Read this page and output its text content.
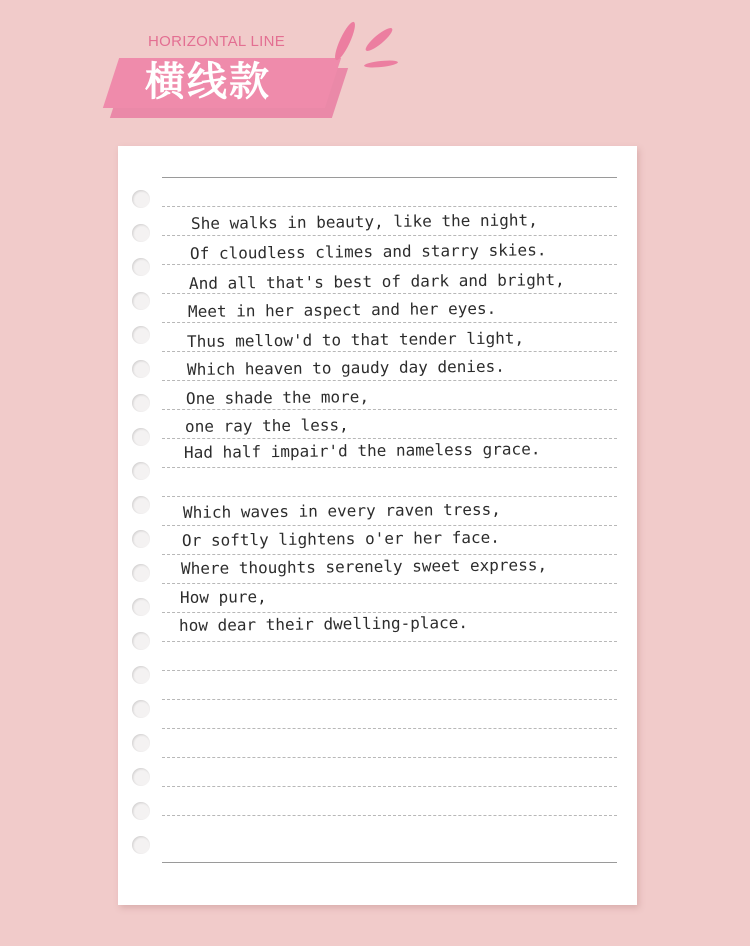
HORIZONTAL LINE
横线款
She walks in beauty, like the night,
Of cloudless climes and starry skies.
And all that's best of dark and bright,
Meet in her aspect and her eyes.
Thus mellow'd to that tender light,
Which heaven to gaudy day denies.
One shade the more,
one ray the less,
Had half impair'd the nameless grace.
Which waves in every raven tress,
Or softly lightens o'er her face.
Where thoughts serenely sweet express,
How pure,
how dear their dwelling-place.
